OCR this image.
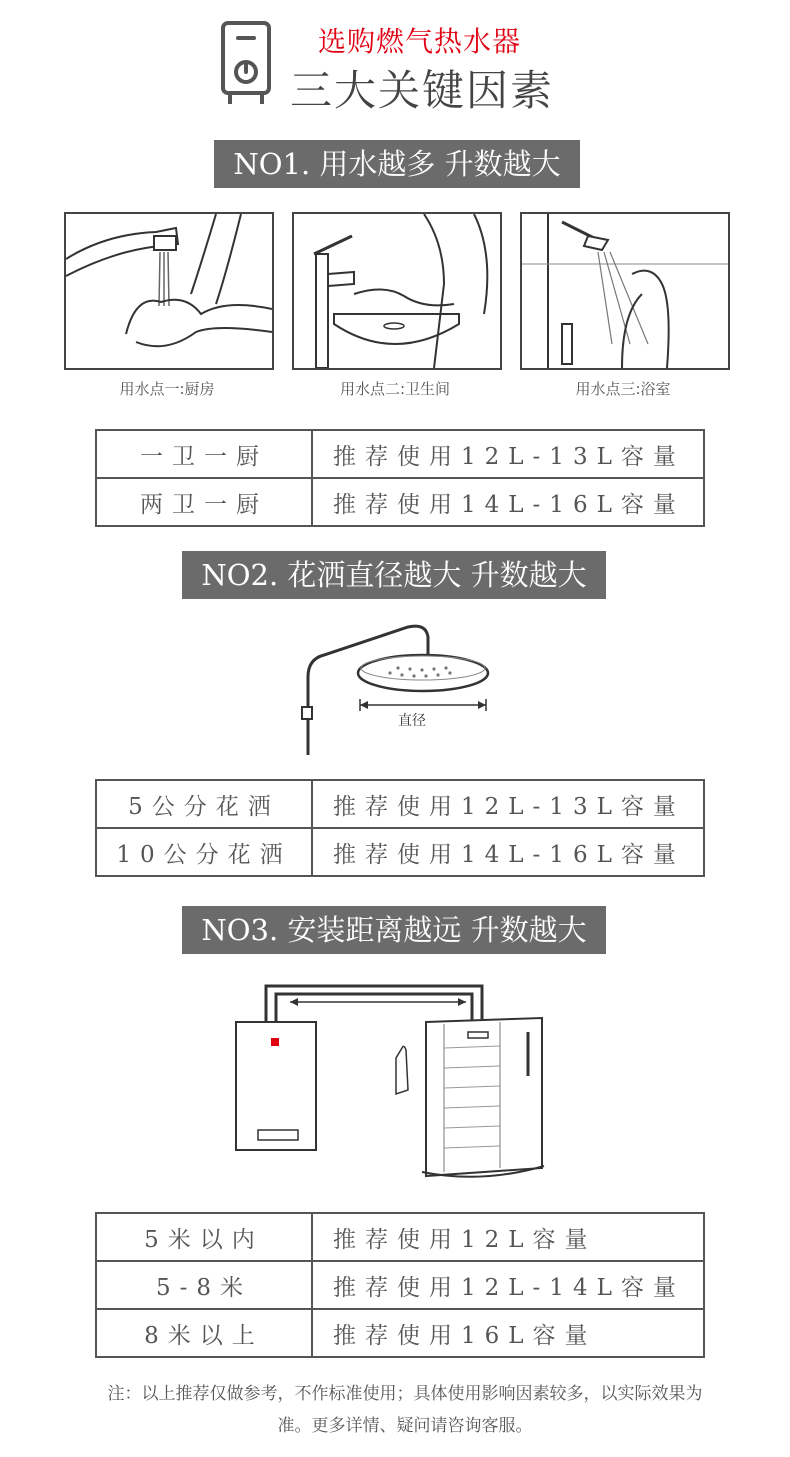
选购燃气热水器
三大关键因素
NO1. 用水越多 升数越大
用水点一:厨房	用水点二:卫生间	用水点三:浴室
一卫一厨	推荐使用12L-13L容量
两卫一厨	推荐使用14L-16L容量
NO2. 花洒直径越大 升数越大
直径
5公分花洒	推荐使用12L-13L容量
10公分花洒	推荐使用14L-16L容量
NO3. 安装距离越远 升数越大
5米以内	推荐使用12L容量
5-8米	推荐使用12L-14L容量
8米以上	推荐使用16L容量
注：以上推荐仅做参考，不作标准使用；具体使用影响因素较多，以实际效果为准。更多详情、疑问请咨询客服。
